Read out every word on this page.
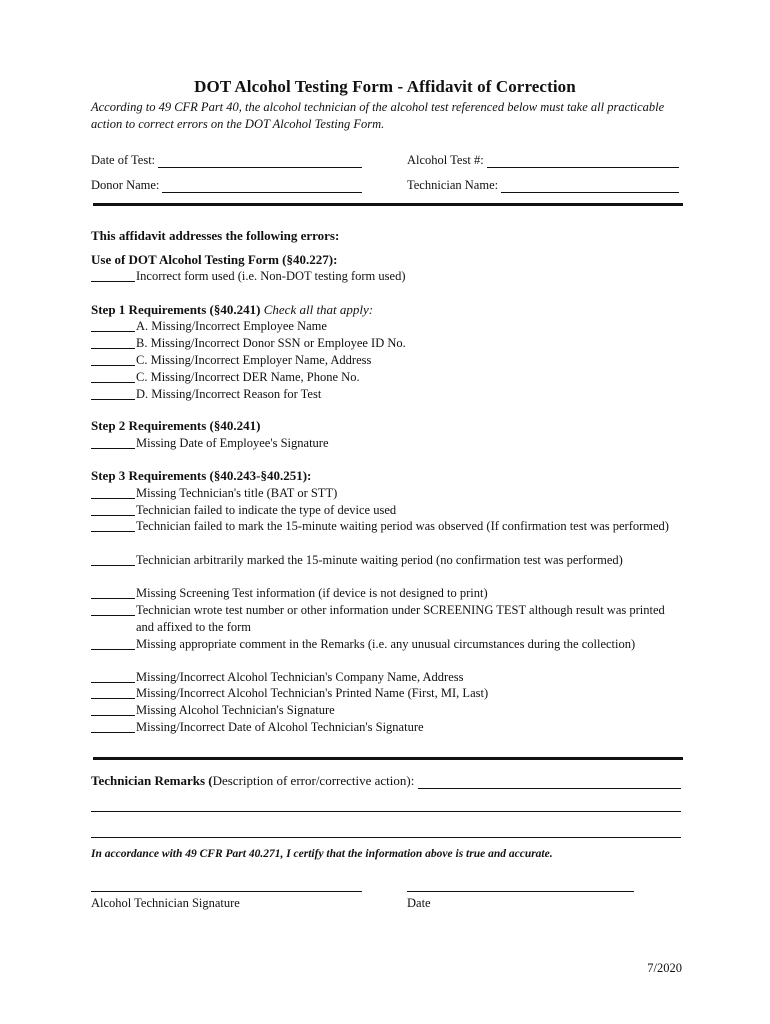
DOT Alcohol Testing Form - Affidavit of Correction
According to 49 CFR Part 40, the alcohol technician of the alcohol test referenced below must take all practicable action to correct errors on the DOT Alcohol Testing Form.
Date of Test:	Alcohol Test #:
Donor Name:	Technician Name:
This affidavit addresses the following errors:
Use of DOT Alcohol Testing Form (§40.227):
Incorrect form used (i.e. Non-DOT testing form used)
Step 1 Requirements (§40.241) Check all that apply:
A. Missing/Incorrect Employee Name
B. Missing/Incorrect Donor SSN or Employee ID No.
C. Missing/Incorrect Employer Name, Address
C. Missing/Incorrect DER Name, Phone No.
D. Missing/Incorrect Reason for Test
Step 2 Requirements (§40.241)
Missing Date of Employee's Signature
Step 3 Requirements (§40.243-§40.251):
Missing Technician's title (BAT or STT)
Technician failed to indicate the type of device used
Technician failed to mark the 15-minute waiting period was observed (If confirmation test was performed)
Technician arbitrarily marked the 15-minute waiting period (no confirmation test was performed)
Missing Screening Test information (if device is not designed to print)
Technician wrote test number or other information under SCREENING TEST although result was printed and affixed to the form
Missing appropriate comment in the Remarks (i.e. any unusual circumstances during the collection)
Missing/Incorrect Alcohol Technician's Company Name, Address
Missing/Incorrect Alcohol Technician's Printed Name (First, MI, Last)
Missing Alcohol Technician's Signature
Missing/Incorrect Date of Alcohol Technician's Signature
Technician Remarks ( Description of error/corrective action):
In accordance with 49 CFR Part 40.271, I certify that the information above is true and accurate.
Alcohol Technician Signature	Date
7/2020
